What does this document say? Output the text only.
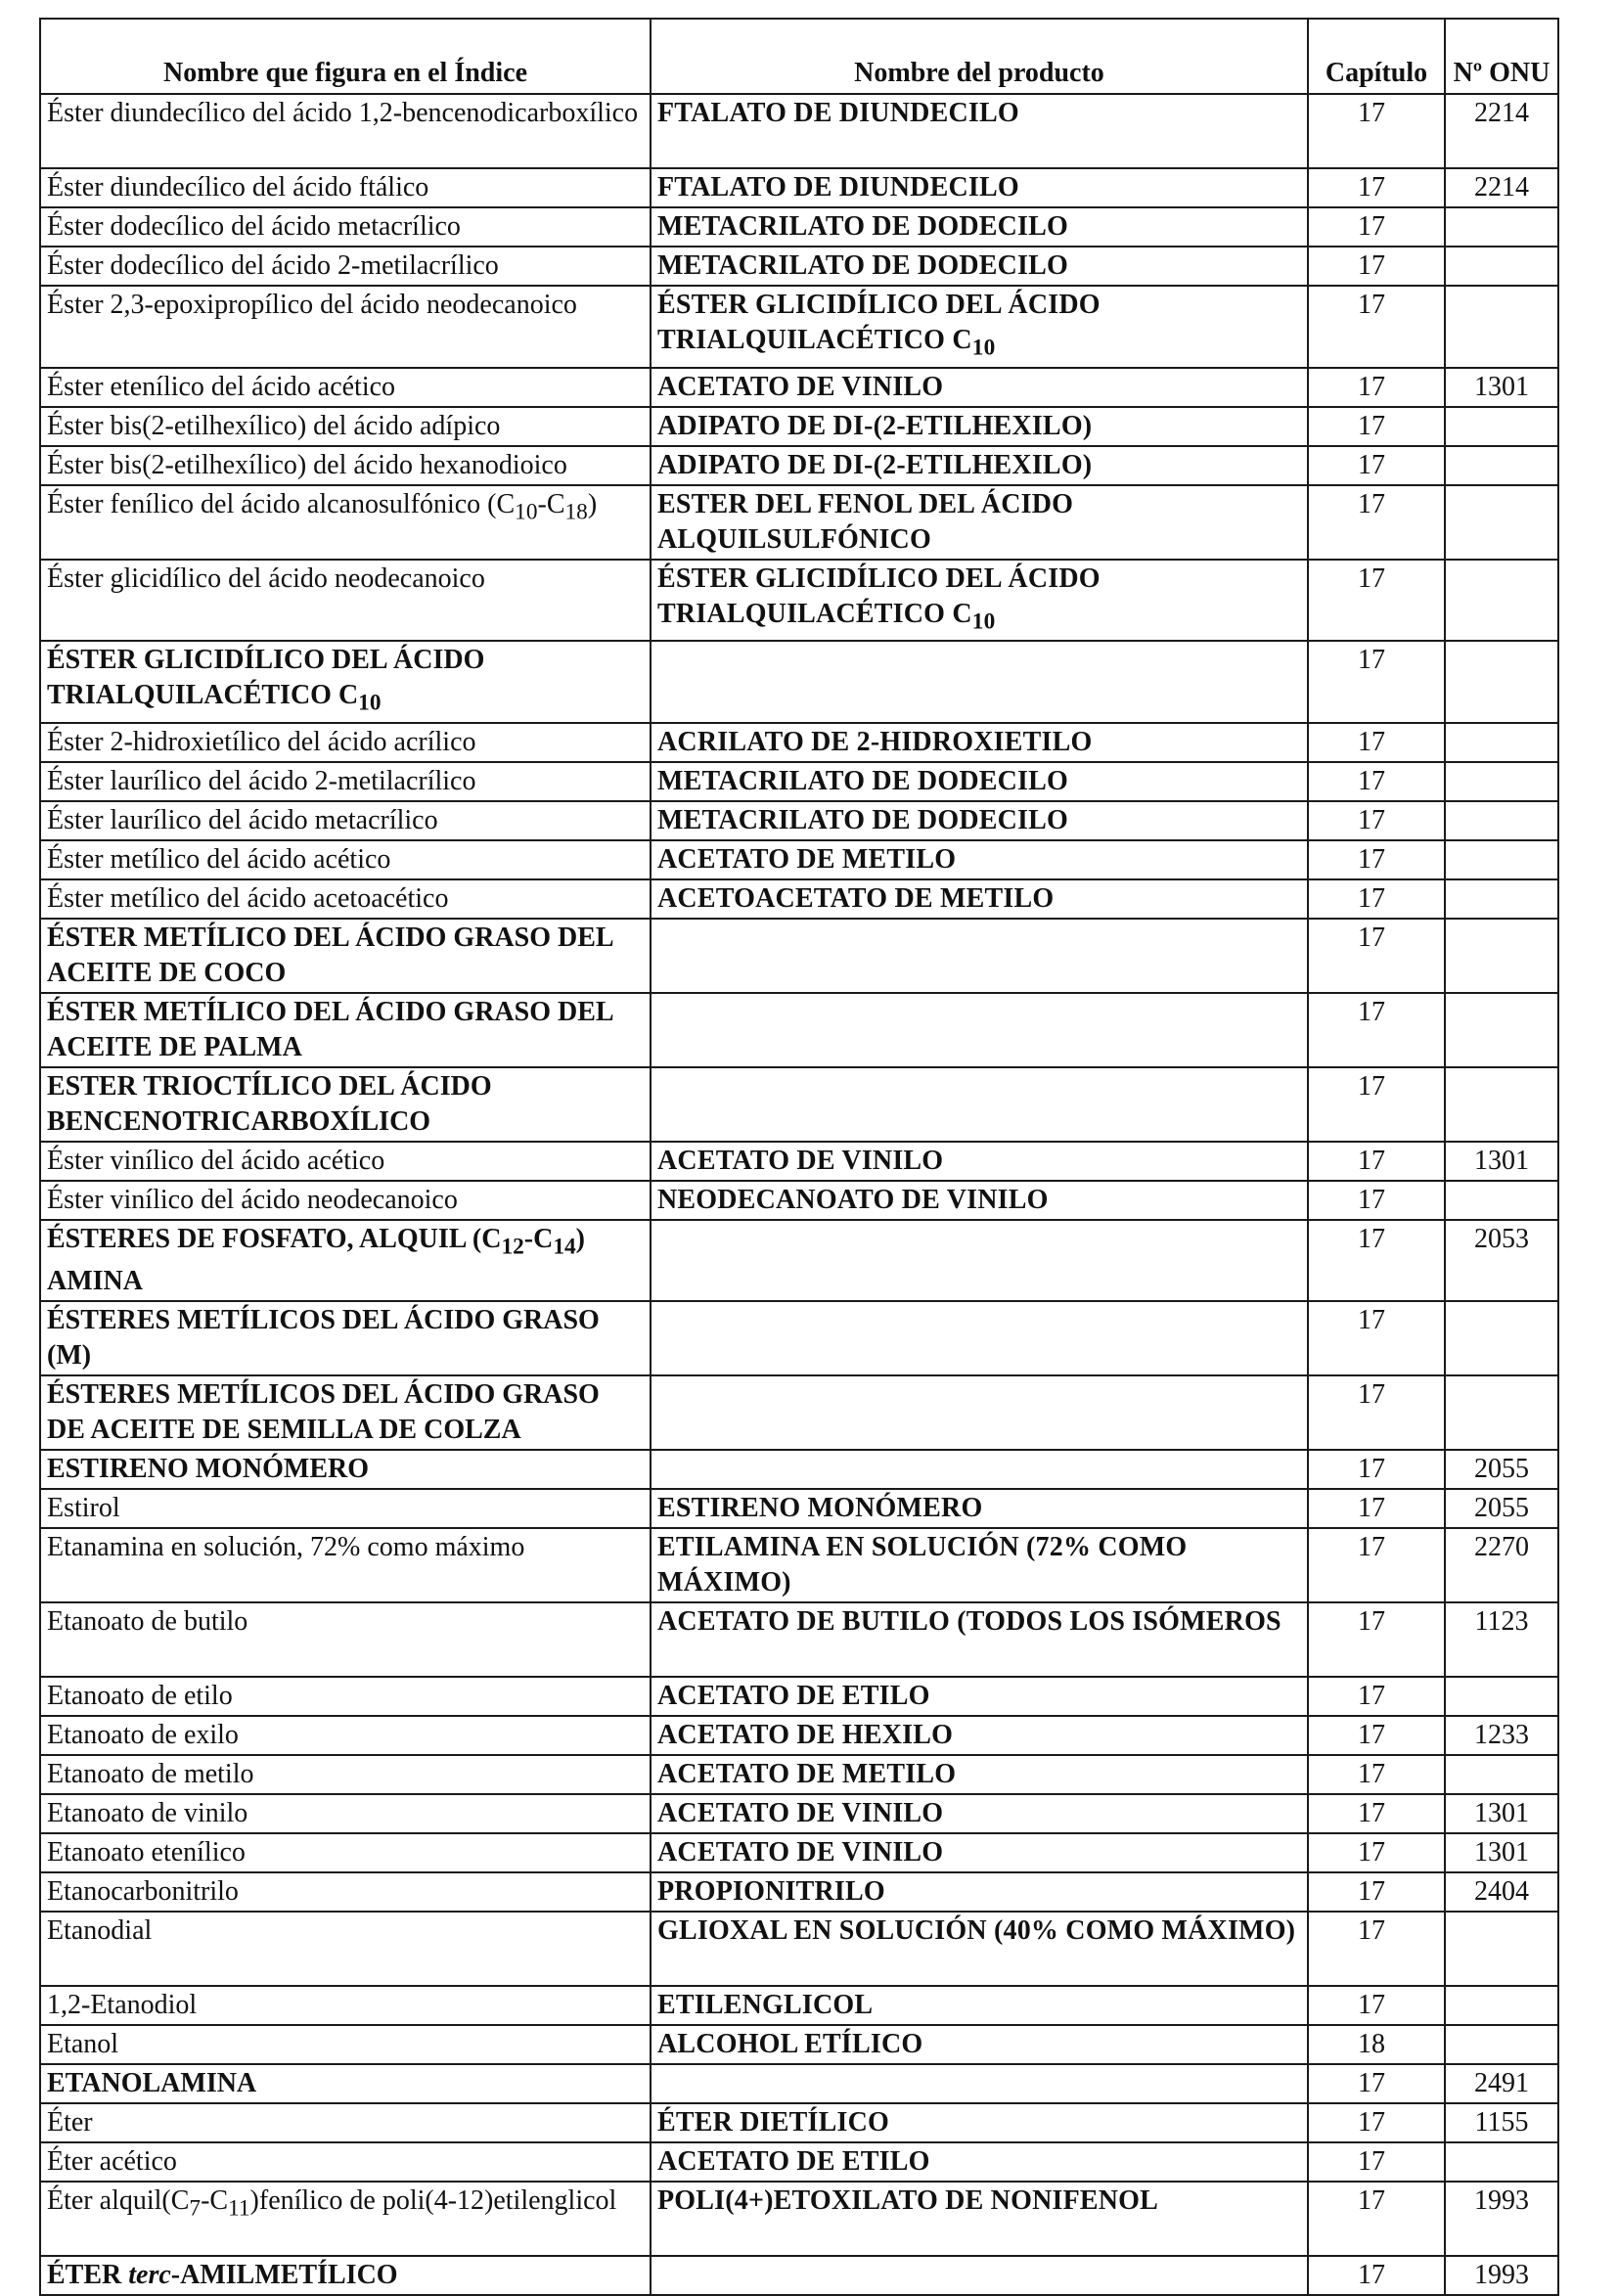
Nombre que figura en el Índice	Nombre del producto	Capítulo	Nº ONU
Éster diundecílico del ácido 1,2-bencenodicarboxílico	FTALATO DE DIUNDECILO	17	2214
Éster diundecílico del ácido ftálico	FTALATO DE DIUNDECILO	17	2214
Éster dodecílico del ácido metacrílico	METACRILATO DE DODECILO	17	
Éster dodecílico del ácido 2-metilacrílico	METACRILATO DE DODECILO	17	
Éster 2,3-epoxipropílico del ácido neodecanoico	ÉSTER GLICIDÍLICO DEL ÁCIDO TRIALQUILACÉTICO $C_{10}$	17	
Éster etenílico del ácido acético	ACETATO DE VINILO	17	1301
Éster bis(2-etilhexílico) del ácido adípico	ADIPATO DE DI-(2-ETILHEXILO)	17	
Éster bis(2-etilhexílico) del ácido hexanodioico	ADIPATO DE DI-(2-ETILHEXILO)	17	
Éster fenílico del ácido alcanosulfónico $(C_{10}-C_{18})$	ESTER DEL FENOL DEL ÁCIDO ALQUILSULFÓNICO	17	
Éster glicidílico del ácido neodecanoico	ÉSTER GLICIDÍLICO DEL ÁCIDO TRIALQUILACÉTICO $C_{10}$	17	
ÉSTER GLICIDÍLICO DEL ÁCIDO TRIALQUILACÉTICO $C_{10}$		17	
Éster 2-hidroxietílico del ácido acrílico	ACRILATO DE 2-HIDROXIETILO	17	
Éster laurílico del ácido 2-metilacrílico	METACRILATO DE DODECILO	17	
Éster laurílico del ácido metacrílico	METACRILATO DE DODECILO	17	
Éster metílico del ácido acético	ACETATO DE METILO	17	
Éster metílico del ácido acetoacético	ACETOACETATO DE METILO	17	
ÉSTER METÍLICO DEL ÁCIDO GRASO DEL ACEITE DE COCO		17	
ÉSTER METÍLICO DEL ÁCIDO GRASO DEL ACEITE DE PALMA		17	
ESTER TRIOCTÍLICO DEL ÁCIDO BENCENOTRICARBOXÍLICO		17	
Éster vinílico del ácido acético	ACETATO DE VINILO	17	1301
Éster vinílico del ácido neodecanoico	NEODECANOATO DE VINILO	17	
ÉSTERES DE FOSFATO, ALQUIL $(C_{12}-C_{14})$ AMINA		17	2053
ÉSTERES METÍLICOS DEL ÁCIDO GRASO (M)		17	
ÉSTERES METÍLICOS DEL ÁCIDO GRASO DE ACEITE DE SEMILLA DE COLZA		17	
ESTIRENO MONÓMERO		17	2055
Estirol	ESTIRENO MONÓMERO	17	2055
Etanamina en solución, 72% como máximo	ETILAMINA EN SOLUCIÓN (72% COMO MÁXIMO)	17	2270
Etanoato de butilo	ACETATO DE BUTILO (TODOS LOS ISÓMEROS	17	1123
Etanoato de etilo	ACETATO DE ETILO	17	
Etanoato de exilo	ACETATO DE HEXILO	17	1233
Etanoato de metilo	ACETATO DE METILO	17	
Etanoato de vinilo	ACETATO DE VINILO	17	1301
Etanoato etenílico	ACETATO DE VINILO	17	1301
Etanocarbonitrilo	PROPIONITRILO	17	2404
Etanodial	GLIOXAL EN SOLUCIÓN (40% COMO MÁXIMO)	17	
1,2-Etanodiol	ETILENGLICOL	17	
Etanol	ALCOHOL ETÍLICO	18	
ETANOLAMINA		17	2491
Éter	ÉTER DIETÍLICO	17	1155
Éter acético	ACETATO DE ETILO	17	
Éter $alquil(C_7-C_{11})fenílico$ de poli(4-12)etilenglicol	POLI(4+)ETOXILATO DE NONIFENOL	17	1993
ÉTER terc-AMILMETÍLICO		17	1993
